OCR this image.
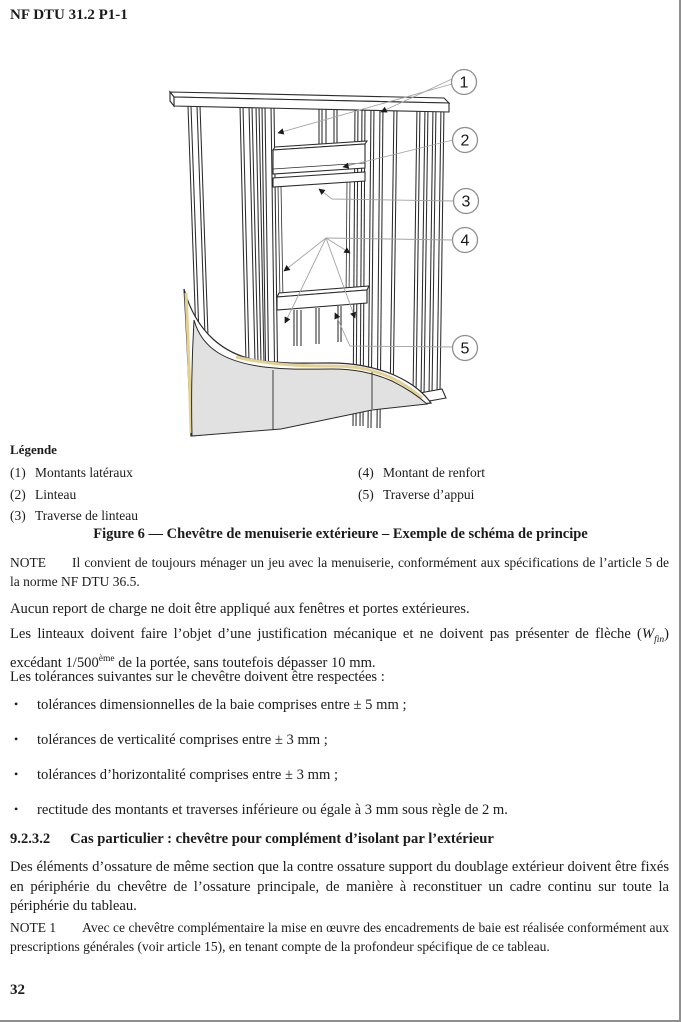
NF DTU 31.2 P1-1
1
2
3
4
5
Légende
(1) Montants latéraux	(4) Montant de renfort
(2) Linteau	(5) Traverse d’appui
(3) Traverse de linteau
Figure 6 — Chevêtre de menuiserie extérieure – Exemple de schéma de principe
NOTE Il convient de toujours ménager un jeu avec la menuiserie, conformément aux spécifications de l’article 5 de la norme NF DTU 36.5.
Aucun report de charge ne doit être appliqué aux fenêtres et portes extérieures.
Les linteaux doivent faire l’objet d’une justification mécanique et ne doivent pas présenter de flèche $(W_{fin})$ excédant 1/500ème de la portée, sans toutefois dépasser 10 mm.
Les tolérances suivantes sur le chevêtre doivent être respectées :
• tolérances dimensionnelles de la baie comprises entre ± 5 mm ;
• tolérances de verticalité comprises entre ± 3 mm ;
• tolérances d’horizontalité comprises entre ± 3 mm ;
• rectitude des montants et traverses inférieure ou égale à 3 mm sous règle de 2 m.
9.2.3.2 Cas particulier : chevêtre pour complément d’isolant par l’extérieur
Des éléments d’ossature de même section que la contre ossature support du doublage extérieur doivent être fixés en périphérie du chevêtre de l’ossature principale, de manière à reconstituer un cadre continu sur toute la périphérie du tableau.
NOTE 1 Avec ce chevêtre complémentaire la mise en œuvre des encadrements de baie est réalisée conformément aux prescriptions générales (voir article 15), en tenant compte de la profondeur spécifique de ce tableau.
32
